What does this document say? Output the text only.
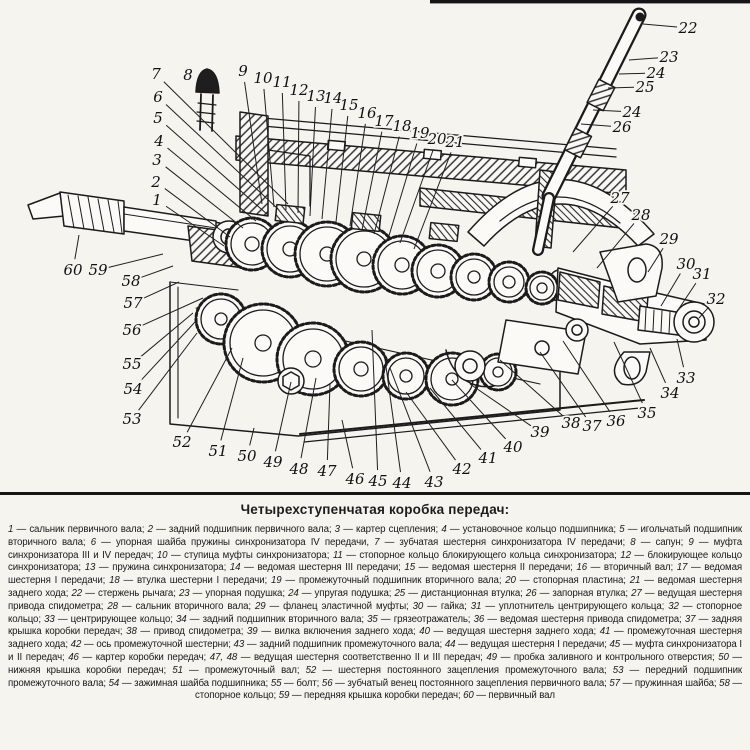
1
2
3
4
5
6
7 8	9 10 11
12
13
14
15
16
17
18
19
20
21
22
23
24
25
24
26
27
28
29
30
31
32
33
34
35
36
37
38
39
40
41
42
43
44
45
46
47
48
49
50
51
52
53
54
55
56
57
58
59
60
Четырехступенчатая коробка передач:

1 — сальник первичного вала; 2 — задний подшипник первичного вала; 3 — картер сцепления; 4 — установочное кольцо подшипника; 5 — игольчатый подшипник вторичного вала; 6 — упорная шайба пружины синхронизатора IV передачи, 7 — зубчатая шестерня синхронизатора IV передачи; 8 — сапун; 9 — муфта синхронизатора III и IV передач; 10 — ступица муфты синхронизатора; 11 — стопорное кольцо блокирующего кольца синхронизатора; 12 — блокирующее кольцо синхронизатора; 13 — пружина синхронизатора; 14 — ведомая шестерня III передачи; 15 — ведомая шестерня II передачи; 16 — вторичный вал; 17 — ведомая шестерня I передачи; 18 — втулка шестерни I передачи; 19 — промежуточный подшипник вторичного вала; 20 — стопорная пластина; 21 — ведомая шестерня заднего хода; 22 — стержень рычага; 23 — упорная подушка; 24 — упругая подушка; 25 — дистанционная втулка; 26 — запорная втулка; 27 — ведущая шестерня привода спидометра; 28 — сальник вторичного вала; 29 — фланец эластичной муфты; 30 — гайка; 31 — уплотнитель центрирующего кольца; 32 — стопорное кольцо; 33 — центрирующее кольцо; 34 — задний подшипник вторичного вала; 35 — грязеотражатель; 36 — ведомая шестерня привода спидометра; 37 — задняя крышка коробки передач; 38 — привод спидометра; 39 — вилка включения заднего хода; 40 — ведущая шестерня заднего хода; 41 — промежуточная шестерня заднего хода; 42 — ось промежуточной шестерни; 43 — задний подшипник промежуточного вала; 44 — ведущая шестерня I передачи; 45 — муфта синхронизатора I и II передач; 46 — картер коробки передач; 47, 48 — ведущая шестерня соответственно II и III передач; 49 — пробка заливного и контрольного отверстия; 50 — нижняя крышка коробки передач; 51 — промежуточный вал; 52 — шестерня постоянного зацепления промежуточного вала; 53 — передний подшипник промежуточного вала; 54 — зажимная шайба подшипника; 55 — болт; 56 — зубчатый венец постоянного зацепления первичного вала; 57 — пружинная шайба; 58 — стопорное кольцо; 59 — передняя крышка коробки передач; 60 — первичный вал
